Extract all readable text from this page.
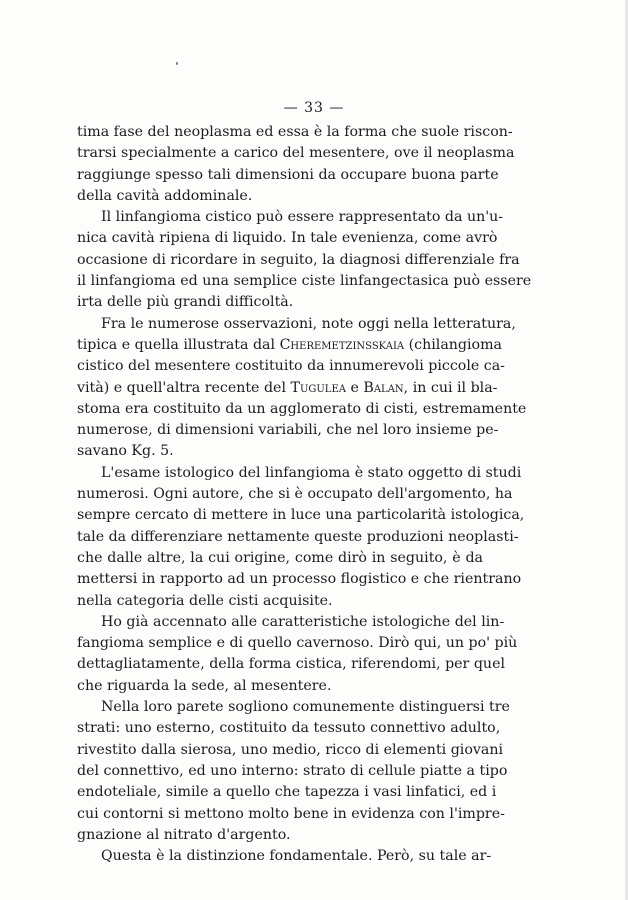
— 33 —
tima fase del neoplasma ed essa è la forma che suole riscon-
trarsi specialmente a carico del mesentere, ove il neoplasma
raggiunge spesso tali dimensioni da occupare buona parte
della cavità addominale.
Il linfangioma cistico può essere rappresentato da un'u-
nica cavità ripiena di liquido. In tale evenienza, come avrò
occasione di ricordare in seguito, la diagnosi differenziale fra
il linfangioma ed una semplice ciste linfangectasica può essere
irta delle più grandi difficoltà.
Fra le numerose osservazioni, note oggi nella letteratura,
tipica e quella illustrata dal Cheremetzinsskaia (chilangioma
cistico del mesentere costituito da innumerevoli piccole ca-
vità) e quell'altra recente del Tugulea e Balan, in cui il bla-
stoma era costituito da un agglomerato di cisti, estremamente
numerose, di dimensioni variabili, che nel loro insieme pe-
savano Kg. 5.
L'esame istologico del linfangioma è stato oggetto di studi
numerosi. Ogni autore, che si è occupato dell'argomento, ha
sempre cercato di mettere in luce una particolarità istologica,
tale da differenziare nettamente queste produzioni neoplasti-
che dalle altre, la cui origine, come dirò in seguito, è da
mettersi in rapporto ad un processo flogistico e che rientrano
nella categoria delle cisti acquisite.
Ho già accennato alle caratteristiche istologiche del lin-
fangioma semplice e di quello cavernoso. Dirò qui, un po' più
dettagliatamente, della forma cistica, riferendomi, per quel
che riguarda la sede, al mesentere.
Nella loro parete sogliono comunemente distinguersi tre
strati: uno esterno, costituito da tessuto connettivo adulto,
rivestito dalla sierosa, uno medio, ricco di elementi giovani
del connettivo, ed uno interno: strato di cellule piatte a tipo
endoteliale, simile a quello che tapezza i vasi linfatici, ed i
cui contorni si mettono molto bene in evidenza con l'impre-
gnazione al nitrato d'argento.
Questa è la distinzione fondamentale. Però, su tale ar-
